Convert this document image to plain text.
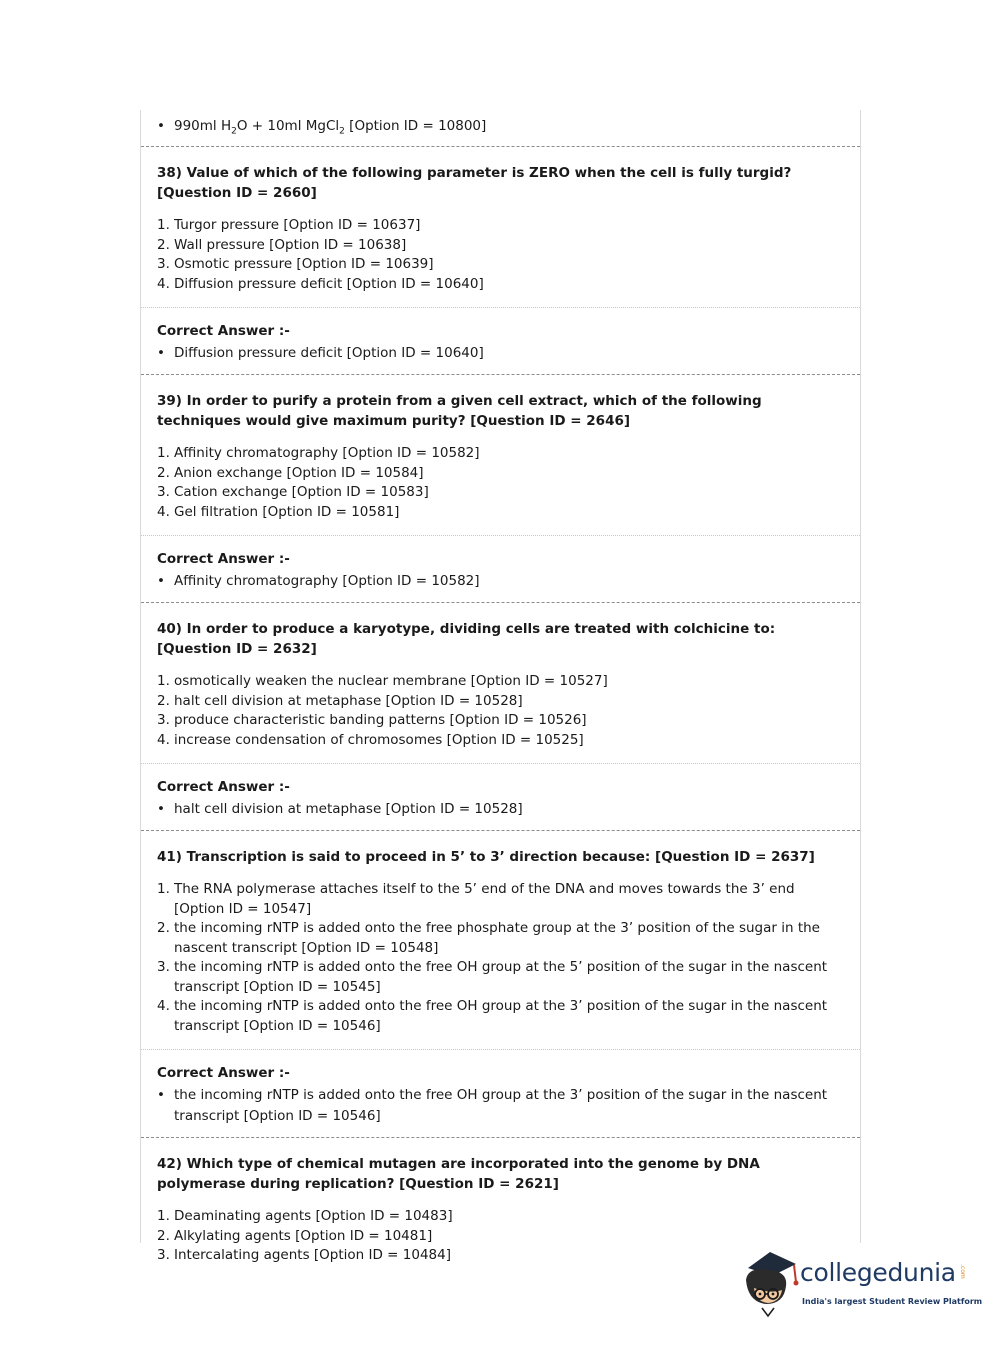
• 990ml $H_2O + 10ml$ MgCl$_2$ [Option ID = 10800]
38) Value of which of the following parameter is ZERO when the cell is fully turgid? [Question ID = 2660]
1. Turgor pressure [Option ID = 10637]
2. Wall pressure [Option ID = 10638]
3. Osmotic pressure [Option ID = 10639]
4. Diffusion pressure deficit [Option ID = 10640]
Correct Answer :-
• Diffusion pressure deficit [Option ID = 10640]
39) In order to purify a protein from a given cell extract, which of the following techniques would give maximum purity? [Question ID = 2646]
1. Affinity chromatography [Option ID = 10582]
2. Anion exchange [Option ID = 10584]
3. Cation exchange [Option ID = 10583]
4. Gel filtration [Option ID = 10581]
Correct Answer :-
• Affinity chromatography [Option ID = 10582]
40) In order to produce a karyotype, dividing cells are treated with colchicine to: [Question ID = 2632]
1. osmotically weaken the nuclear membrane [Option ID = 10527]
2. halt cell division at metaphase [Option ID = 10528]
3. produce characteristic banding patterns [Option ID = 10526]
4. increase condensation of chromosomes [Option ID = 10525]
Correct Answer :-
• halt cell division at metaphase [Option ID = 10528]
41) Transcription is said to proceed in 5’ to 3’ direction because: [Question ID = 2637]
1. The RNA polymerase attaches itself to the 5’ end of the DNA and moves towards the 3’ end [Option ID = 10547]
2. the incoming rNTP is added onto the free phosphate group at the 3’ position of the sugar in the nascent transcript [Option ID = 10548]
3. the incoming rNTP is added onto the free OH group at the 5’ position of the sugar in the nascent transcript [Option ID = 10545]
4. the incoming rNTP is added onto the free OH group at the 3’ position of the sugar in the nascent transcript [Option ID = 10546]
Correct Answer :-
• the incoming rNTP is added onto the free OH group at the 3’ position of the sugar in the nascent transcript [Option ID = 10546]
42) Which type of chemical mutagen are incorporated into the genome by DNA polymerase during replication? [Question ID = 2621]
1. Deaminating agents [Option ID = 10483]
2. Alkylating agents [Option ID = 10481]
3. Intercalating agents [Option ID = 10484]
collegedunia .com
India's largest Student Review Platform
